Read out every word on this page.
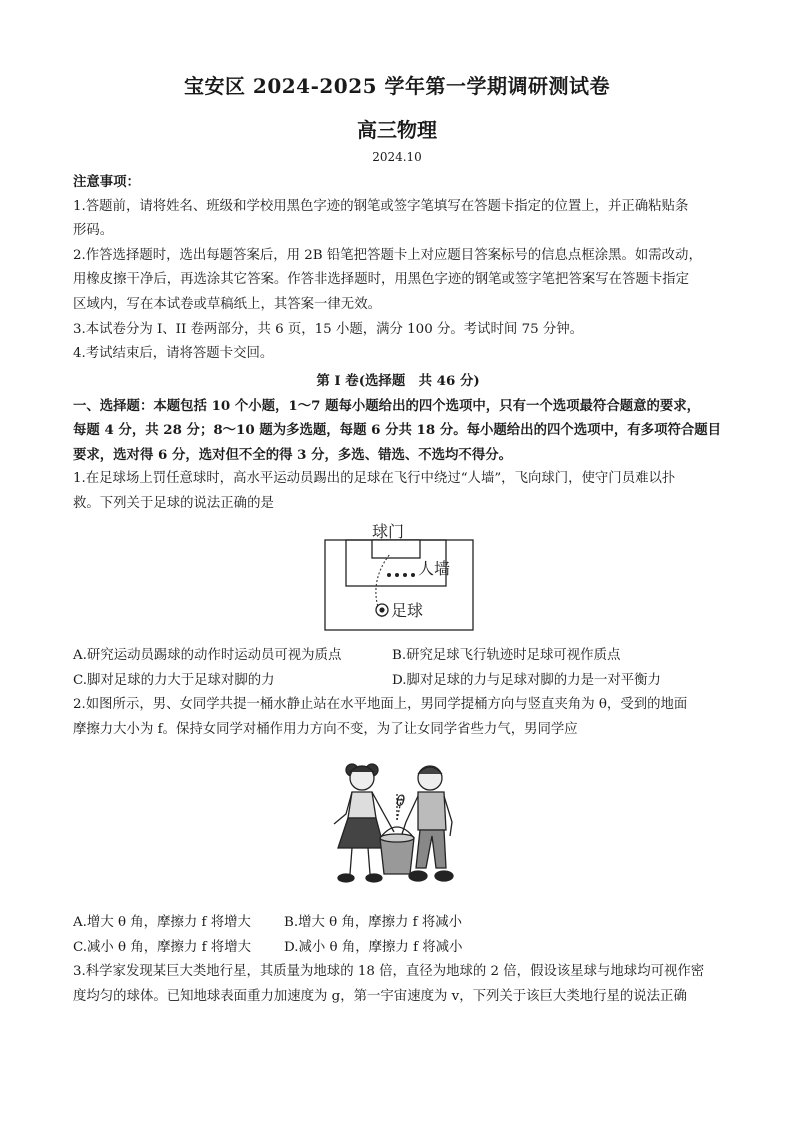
宝安区 2024-2025 学年第一学期调研测试卷
高三物理
2024.10
注意事项：
1.答题前，请将姓名、班级和学校用黑色字迹的钢笔或签字笔填写在答题卡指定的位置上，并正确粘贴条
形码。
2.作答选择题时，选出每题答案后，用 2B 铅笔把答题卡上对应题目答案标号的信息点框涂黑。如需改动，
用橡皮擦干净后，再选涂其它答案。作答非选择题时，用黑色字迹的钢笔或签字笔把答案写在答题卡指定
区域内，写在本试卷或草稿纸上，其答案一律无效。
3.本试卷分为 I、II 卷两部分，共 6 页，15 小题，满分 100 分。考试时间 75 分钟。
4.考试结束后，请将答题卡交回。
第 I 卷(选择题　共 46 分)
一、选择题：本题包括 10 个小题，1～7 题每小题给出的四个选项中，只有一个选项最符合题意的要求，
每题 4 分，共 28 分；8～10 题为多选题，每题 6 分共 18 分。每小题给出的四个选项中，有多项符合题目
要求，选对得 6 分，选对但不全的得 3 分，多选、错选、不选均不得分。
1.在足球场上罚任意球时，高水平运动员踢出的足球在飞行中绕过“人墙”，飞向球门，使守门员难以扑
救。下列关于足球的说法正确的是
球门
人墙
足球
A.研究运动员踢球的动作时运动员可视为质点	B.研究足球飞行轨迹时足球可视作质点
C.脚对足球的力大于足球对脚的力	D.脚对足球的力与足球对脚的力是一对平衡力
2.如图所示，男、女同学共提一桶水静止站在水平地面上，男同学提桶方向与竖直夹角为 θ，受到的地面
摩擦力大小为 f。保持女同学对桶作用力方向不变，为了让女同学省些力气，男同学应
θ
A.增大 θ 角，摩擦力 f 将增大 B.增大 θ 角，摩擦力 f 将减小
C.减小 θ 角，摩擦力 f 将增大 D.减小 θ 角，摩擦力 f 将减小
3.科学家发现某巨大类地行星，其质量为地球的 18 倍，直径为地球的 2 倍，假设该星球与地球均可视作密
度均匀的球体。已知地球表面重力加速度为 g，第一宇宙速度为 v，下列关于该巨大类地行星的说法正确
